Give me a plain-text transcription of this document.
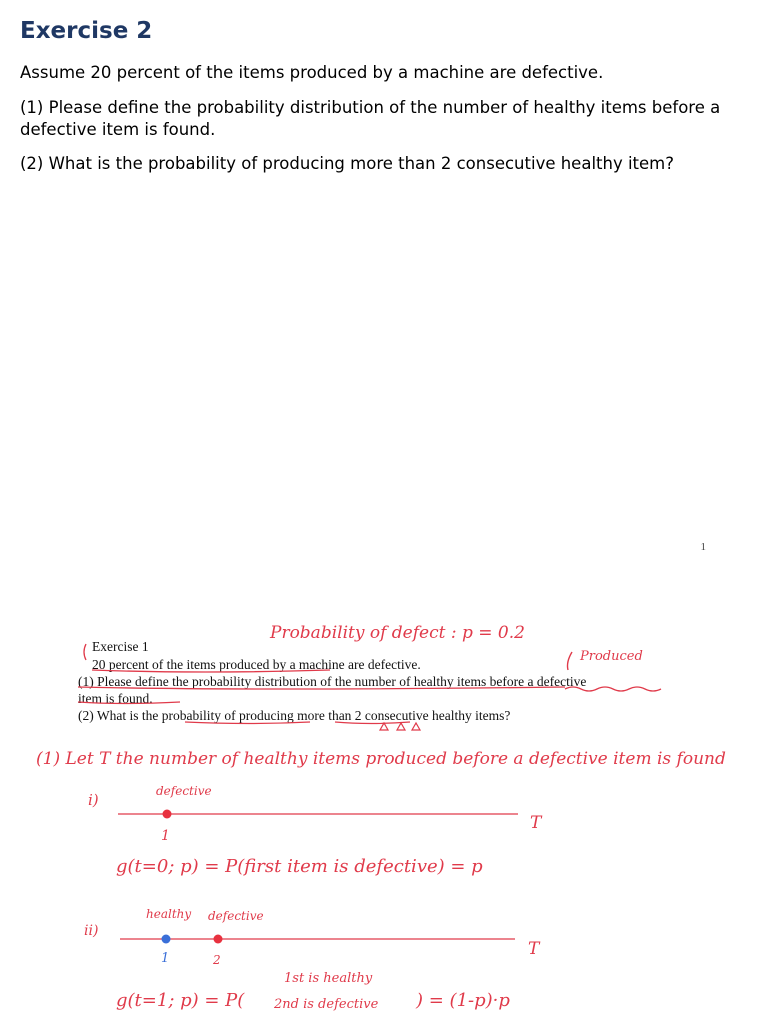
Exercise 2

Assume 20 percent of the items produced by a machine are defective.

(1) Please define the probability distribution of the number of healthy items before a defective item is found.

(2) What is the probability of producing more than 2 consecutive healthy item?

1
Exercise 1
20 percent of the items produced by a machine are defective.
(1) Please define the probability distribution of the number of healthy items before a defective
item is found.
(2) What is the probability of producing more than 2 consecutive healthy items?
Probability of defect : p = 0.2
Produced
(1) Let T the number of healthy items produced before a defective item is found
i)	defective
1
T
g(t=0; p) = P(first item is defective) = p
ii)
healthy defective
1	2
T
g(t=1; p) = P(
1st is healthy
2nd is defective ) = (1-p)·p
